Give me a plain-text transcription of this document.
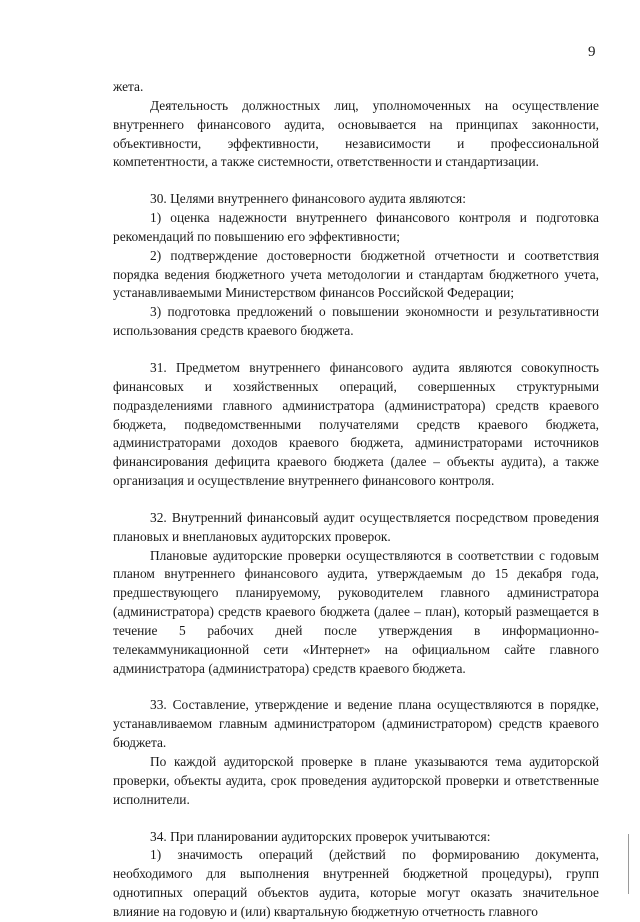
9

жета.

Деятельность должностных лиц, уполномоченных на осуществление внутреннего финансового аудита, основывается на принципах законности, объективности, эффективности, независимости и профессиональной компетентности, а также системности, ответственности и стандартизации.

30. Целями внутреннего финансового аудита являются:

1) оценка надежности внутреннего финансового контроля и подготовка рекомендаций по повышению его эффективности;

2) подтверждение достоверности бюджетной отчетности и соответствия порядка ведения бюджетного учета методологии и стандартам бюджетного учета, устанавливаемыми Министерством финансов Российской Федерации;

3) подготовка предложений о повышении экономности и результативности использования средств краевого бюджета.

31. Предметом внутреннего финансового аудита являются совокупность финансовых и хозяйственных операций, совершенных структурными подразделениями главного администратора (администратора) средств краевого бюджета, подведомственными получателями средств краевого бюджета, администраторами доходов краевого бюджета, администраторами источников финансирования дефицита краевого бюджета (далее – объекты аудита), а также организация и осуществление внутреннего финансового контроля.

32. Внутренний финансовый аудит осуществляется посредством проведения плановых и внеплановых аудиторских проверок.

Плановые аудиторские проверки осуществляются в соответствии с годовым планом внутреннего финансового аудита, утверждаемым до 15 декабря года, предшествующего планируемому, руководителем главного администратора (администратора) средств краевого бюджета (далее – план), который размещается в течение 5 рабочих дней после утверждения в информационно-телекаммуникационной сети «Интернет» на официальном сайте главного администратора (администратора) средств краевого бюджета.

33. Составление, утверждение и ведение плана осуществляются в порядке, устанавливаемом главным администратором (администратором) средств краевого бюджета.

По каждой аудиторской проверке в плане указываются тема аудиторской проверки, объекты аудита, срок проведения аудиторской проверки и ответственные исполнители.

34. При планировании аудиторских проверок учитываются:

1) значимость операций (действий по формированию документа, необходимого для выполнения внутренней бюджетной процедуры), групп однотипных операций объектов аудита, которые могут оказать значительное влияние на годовую и (или) квартальную бюджетную отчетность главного
